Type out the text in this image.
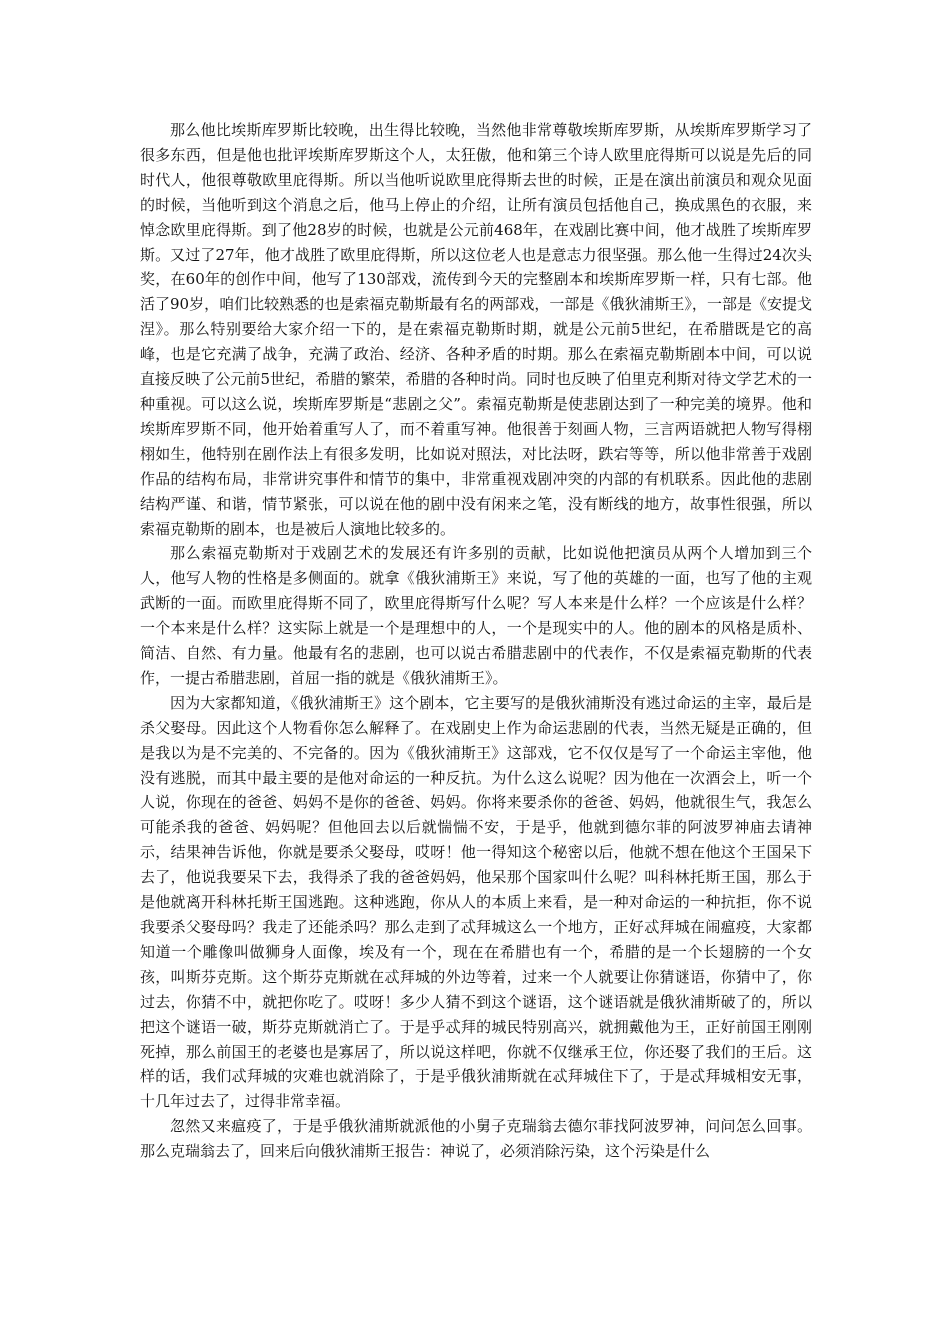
那么他比埃斯库罗斯比较晚，出生得比较晚，当然他非常尊敬埃斯库罗斯，从埃斯库罗斯学习了很多东西，但是他也批评埃斯库罗斯这个人，太狂傲，他和第三个诗人欧里庇得斯可以说是先后的同时代人，他很尊敬欧里庇得斯。所以当他听说欧里庇得斯去世的时候，正是在演出前演员和观众见面的时候，当他听到这个消息之后，他马上停止的介绍，让所有演员包括他自己，换成黑色的衣服，来悼念欧里庇得斯。到了他28岁的时候，也就是公元前468年，在戏剧比赛中间，他才战胜了埃斯库罗斯。又过了27年，他才战胜了欧里庇得斯，所以这位老人也是意志力很坚强。那么他一生得过24次头奖，在60年的创作中间，他写了130部戏，流传到今天的完整剧本和埃斯库罗斯一样，只有七部。他活了90岁，咱们比较熟悉的也是索福克勒斯最有名的两部戏，一部是《俄狄浦斯王》，一部是《安提戈涅》。那么特别要给大家介绍一下的，是在索福克勒斯时期，就是公元前5世纪，在希腊既是它的高峰，也是它充满了战争，充满了政治、经济、各种矛盾的时期。那么在索福克勒斯剧本中间，可以说直接反映了公元前5世纪，希腊的繁荣，希腊的各种时尚。同时也反映了伯里克利斯对待文学艺术的一种重视。可以这么说，埃斯库罗斯是“悲剧之父”。索福克勒斯是使悲剧达到了一种完美的境界。他和埃斯库罗斯不同，他开始着重写人了，而不着重写神。他很善于刻画人物，三言两语就把人物写得栩栩如生，他特别在剧作法上有很多发明，比如说对照法，对比法呀，跌宕等等，所以他非常善于戏剧作品的结构布局，非常讲究事件和情节的集中，非常重视戏剧冲突的内部的有机联系。因此他的悲剧结构严谨、和谐，情节紧张，可以说在他的剧中没有闲来之笔，没有断线的地方，故事性很强，所以索福克勒斯的剧本，也是被后人演地比较多的。

那么索福克勒斯对于戏剧艺术的发展还有许多别的贡献，比如说他把演员从两个人增加到三个人，他写人物的性格是多侧面的。就拿《俄狄浦斯王》来说，写了他的英雄的一面，也写了他的主观武断的一面。而欧里庇得斯不同了，欧里庇得斯写什么呢？写人本来是什么样？一个应该是什么样？一个本来是什么样？这实际上就是一个是理想中的人，一个是现实中的人。他的剧本的风格是质朴、简洁、自然、有力量。他最有名的悲剧，也可以说古希腊悲剧中的代表作，不仅是索福克勒斯的代表作，一提古希腊悲剧，首屈一指的就是《俄狄浦斯王》。

因为大家都知道，《俄狄浦斯王》这个剧本，它主要写的是俄狄浦斯没有逃过命运的主宰，最后是杀父娶母。因此这个人物看你怎么解释了。在戏剧史上作为命运悲剧的代表，当然无疑是正确的，但是我以为是不完美的、不完备的。因为《俄狄浦斯王》这部戏，它不仅仅是写了一个命运主宰他，他没有逃脱，而其中最主要的是他对命运的一种反抗。为什么这么说呢？因为他在一次酒会上，听一个人说，你现在的爸爸、妈妈不是你的爸爸、妈妈。你将来要杀你的爸爸、妈妈，他就很生气，我怎么可能杀我的爸爸、妈妈呢？但他回去以后就惴惴不安，于是乎，他就到德尔菲的阿波罗神庙去请神示，结果神告诉他，你就是要杀父娶母，哎呀！他一得知这个秘密以后，他就不想在他这个王国呆下去了，他说我要呆下去，我得杀了我的爸爸妈妈，他呆那个国家叫什么呢？叫科林托斯王国，那么于是他就离开科林托斯王国逃跑。这种逃跑，你从人的本质上来看，是一种对命运的一种抗拒，你不说我要杀父娶母吗？我走了还能杀吗？那么走到了忒拜城这么一个地方，正好忒拜城在闹瘟疫，大家都知道一个雕像叫做狮身人面像，埃及有一个，现在在希腊也有一个，希腊的是一个长翅膀的一个女孩，叫斯芬克斯。这个斯芬克斯就在忒拜城的外边等着，过来一个人就要让你猜谜语，你猜中了，你过去，你猜不中，就把你吃了。哎呀！多少人猜不到这个谜语，这个谜语就是俄狄浦斯破了的，所以把这个谜语一破，斯芬克斯就消亡了。于是乎忒拜的城民特别高兴，就拥戴他为王，正好前国王刚刚死掉，那么前国王的老婆也是寡居了，所以说这样吧，你就不仅继承王位，你还娶了我们的王后。这样的话，我们忒拜城的灾难也就消除了，于是乎俄狄浦斯就在忒拜城住下了，于是忒拜城相安无事，十几年过去了，过得非常幸福。

忽然又来瘟疫了，于是乎俄狄浦斯就派他的小舅子克瑞翁去德尔菲找阿波罗神，问问怎么回事。那么克瑞翁去了，回来后向俄狄浦斯王报告：神说了，必须消除污染，这个污染是什么
